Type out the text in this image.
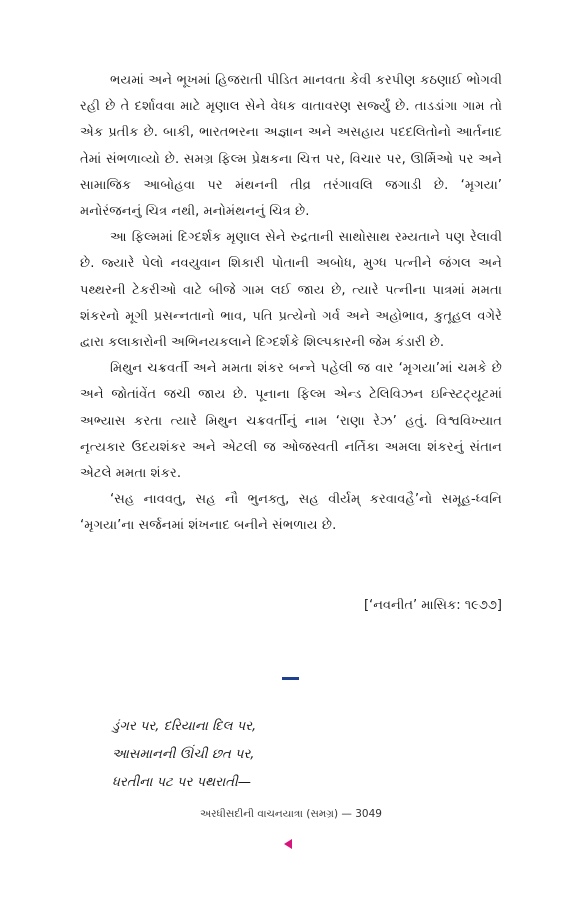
ભયમાં અને ભૂખમાં હિજરાતી પીડિત માનવતા કેવી કરપીણ કઠણાઈ ભોગવી રહી છે તે દર્શાવવા માટે મૃણાલ સેને વેધક વાતાવરણ સર્જ્યું છે. તાડડાંગા ગામ તો એક પ્રતીક છે. બાકી, ભારતભરના અજ્ઞાન અને અસહાય પદદલિતોનો આર્તનાદ તેમાં સંભળાવ્યો છે. સમગ્ર ફિલ્મ પ્રેક્ષકના ચિત્ત પર, વિચાર પર, ઊર્મિઓ પર અને સામાજિક આબોહવા પર મંથનની તીવ્ર તરંગાવલિ જગાડી છે. ‘મૃગયા’ મનોરંજનનું ચિત્ર નથી, મનોમંથનનું ચિત્ર છે.

આ ફિલ્મમાં દિગ્દર્શક મૃણાલ સેને રુદ્રતાની સાથોસાથ રમ્યતાને પણ રેલાવી છે. જ્યારે પેલો નવયુવાન શિકારી પોતાની અબોધ, મુગ્ધ પત્નીને જંગલ અને પથ્થરની ટેકરીઓ વાટે બીજે ગામ લઈ જાય છે, ત્યારે પત્નીના પાત્રમાં મમતા શંકરનો મૂગી પ્રસન્નતાનો ભાવ, પતિ પ્રત્યેનો ગર્વ અને અહોભાવ, કુતૂહલ વગેરે દ્વારા કલાકારોની અભિનયકલાને દિગ્દર્શકે શિલ્પકારની જેમ કંડારી છે.

મિથુન ચક્રવર્તી અને મમતા શંકર બન્ને પહેલી જ વાર ‘મૃગયા’માં ચમકે છે અને જોતાંવેંત જચી જાય છે. પૂનાના ફિલ્મ એન્ડ ટેલિવિઝન ઇન્સ્ટિટ્યૂટમાં અભ્યાસ કરતા ત્યારે મિથુન ચક્રવર્તીનું નામ ‘રાણા રેઝ’ હતું. વિશ્વવિખ્યાત નૃત્યકાર ઉદયશંકર અને એટલી જ ઓજસ્વતી નર્તિકા અમલા શંકરનું સંતાન એટલે મમતા શંકર.

‘સહ નાવવતુ, સહ નૌ ભુનક્તુ, સહ વીર્યમ્ કરવાવહૈ’નો સમૂહ-ધ્વનિ ‘મૃગયા’ના સર્જનમાં શંખનાદ બનીને સંભળાય છે.

[‘નવનીત’ માસિક: ૧૯૭૭]
ડુંગર પર, દરિયાના દિલ પર,
આસમાનની ઊંચી છત પર,
ધરતીના પટ પર પથરાતી—
અરધીસદીની વાચનયાત્રા (સમગ્ર) — 3049
